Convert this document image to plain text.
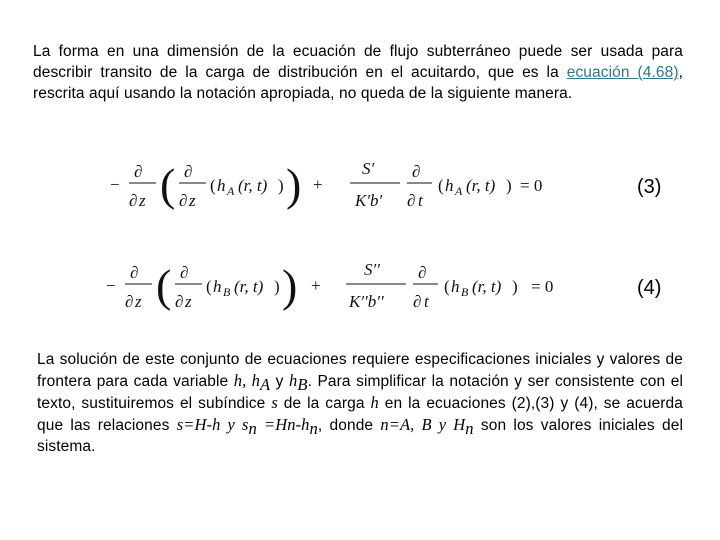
La forma en una dimensión de la ecuación de flujo subterráneo puede ser usada para describir transito de la carga de distribución en el acuitardo, que es la ecuación (4.68), rescrita aquí usando la notación apropiada, no queda de la siguiente manera.
−
∂
∂ z ( ∂
∂ z
( h A (r, t) ) ) +
S′
K′b′
∂
∂ t
( h A (r, t) ) = 0	(3)
−
∂
∂ z ( ∂
∂ z
( h B (r, t) ) ) +
S′′
K′′b′′
∂
∂ t
( h B (r, t) ) = 0	(4)
La solución de este conjunto de ecuaciones requiere especificaciones iniciales y valores de frontera para cada variable h, $h_A$ y $h_B$. Para simplificar la notación y ser consistente con el texto, sustituiremos el subíndice s de la carga h en la ecuaciones (2),(3) y (4), se acuerda que las relaciones s=H-h y $s_n =Hn-h_n$, donde n=A, B y $H_n$ son los valores iniciales del sistema.
